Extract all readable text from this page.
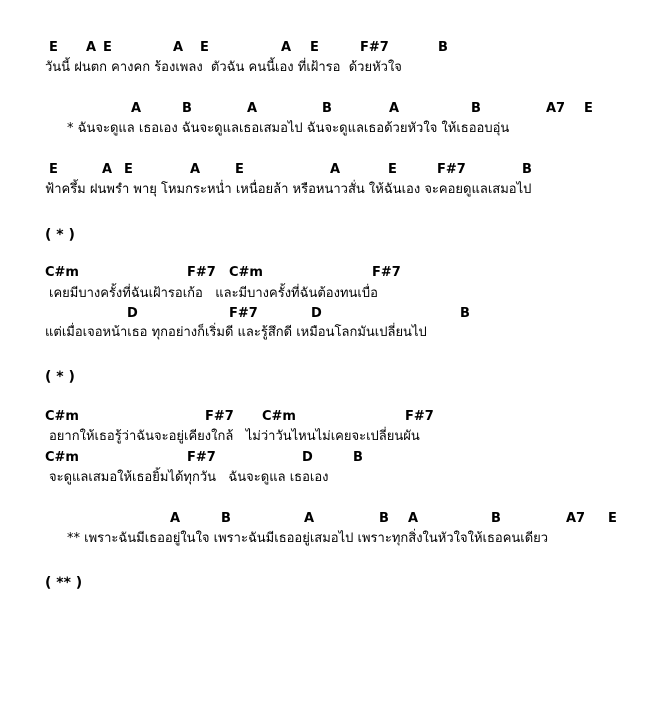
E

A

E

	A

E

	A

E

	F#7

	B

วันนี้ ฝนตก คางคก ร้องเพลง  ตัวฉัน คนนี้เอง ที่เฝ้ารอ  ด้วยหัวใจ

A

	B

	A

	B

	A

	B

	A7

E

* ฉันจะดูแล เธอเอง ฉันจะดูแลเธอเสมอไป ฉันจะดูแลเธอด้วยหัวใจ ให้เธออบอุ่น

E

	A

E

	A

	E

	A

	E

	F#7

	B

ฟ้าครึ้ม ฝนพรำ พายุ โหมกระหน่ำ เหนื่อยล้า หรือหนาวสั่น ให้ฉันเอง จะคอยดูแลเสมอไป

( * )

C#m

	F#7

C#m

	F#7

เคยมีบางครั้งที่ฉันเฝ้ารอเก้อ   และมีบางครั้งที่ฉันต้องทนเบื่อ

D

	F#7

	D

	B

แต่เมื่อเจอหน้าเธอ ทุกอย่างก็เริ่มดี และรู้สึกดี เหมือนโลกมันเปลี่ยนไป

( * )

C#m

	F#7

C#m

	F#7

อยากให้เธอรู้ว่าฉันจะอยู่เคียงใกล้   ไม่ว่าวันไหนไม่เคยจะเปลี่ยนผัน

C#m

	F#7

	D

	B

จะดูแลเสมอให้เธอยิ้มได้ทุกวัน   ฉันจะดูแล เธอเอง

A

	B

	A

	B

A

	B

	A7

E

** เพราะฉันมีเธออยู่ในใจ เพราะฉันมีเธออยู่เสมอไป เพราะทุกสิ่งในหัวใจให้เธอคนเดียว

( ** )
